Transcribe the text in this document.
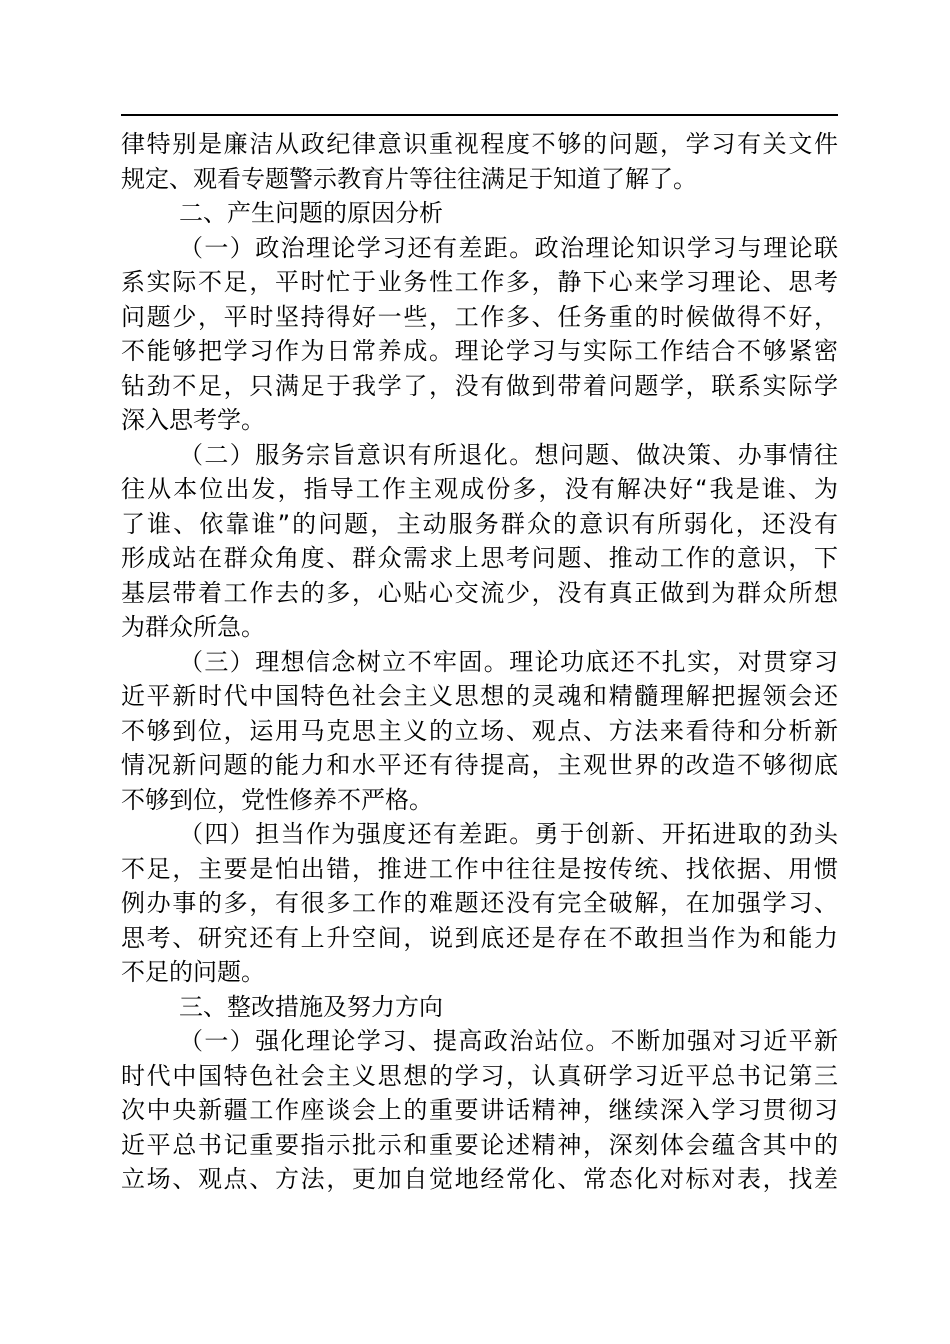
律特别是廉洁从政纪律意识重视程度不够的问题，学习有关文件
规定、观看专题警示教育片等往往满足于知道了解了。
二、产生问题的原因分析
（一）政治理论学习还有差距。政治理论知识学习与理论联
系实际不足，平时忙于业务性工作多，静下心来学习理论、思考
问题少，平时坚持得好一些，工作多、任务重的时候做得不好，
不能够把学习作为日常养成。理论学习与实际工作结合不够紧密
钻劲不足，只满足于我学了，没有做到带着问题学，联系实际学
深入思考学。
（二）服务宗旨意识有所退化。想问题、做决策、办事情往
往从本位出发，指导工作主观成份多，没有解决好“我是谁、为
了谁、依靠谁”的问题，主动服务群众的意识有所弱化，还没有
形成站在群众角度、群众需求上思考问题、推动工作的意识，下
基层带着工作去的多，心贴心交流少，没有真正做到为群众所想
为群众所急。
（三）理想信念树立不牢固。理论功底还不扎实，对贯穿习
近平新时代中国特色社会主义思想的灵魂和精髓理解把握领会还
不够到位，运用马克思主义的立场、观点、方法来看待和分析新
情况新问题的能力和水平还有待提高，主观世界的改造不够彻底
不够到位，党性修养不严格。
（四）担当作为强度还有差距。勇于创新、开拓进取的劲头
不足，主要是怕出错，推进工作中往往是按传统、找依据、用惯
例办事的多，有很多工作的难题还没有完全破解，在加强学习、
思考、研究还有上升空间，说到底还是存在不敢担当作为和能力
不足的问题。
三、整改措施及努力方向
（一）强化理论学习、提高政治站位。不断加强对习近平新
时代中国特色社会主义思想的学习，认真研学习近平总书记第三
次中央新疆工作座谈会上的重要讲话精神，继续深入学习贯彻习
近平总书记重要指示批示和重要论述精神，深刻体会蕴含其中的
立场、观点、方法，更加自觉地经常化、常态化对标对表，找差
